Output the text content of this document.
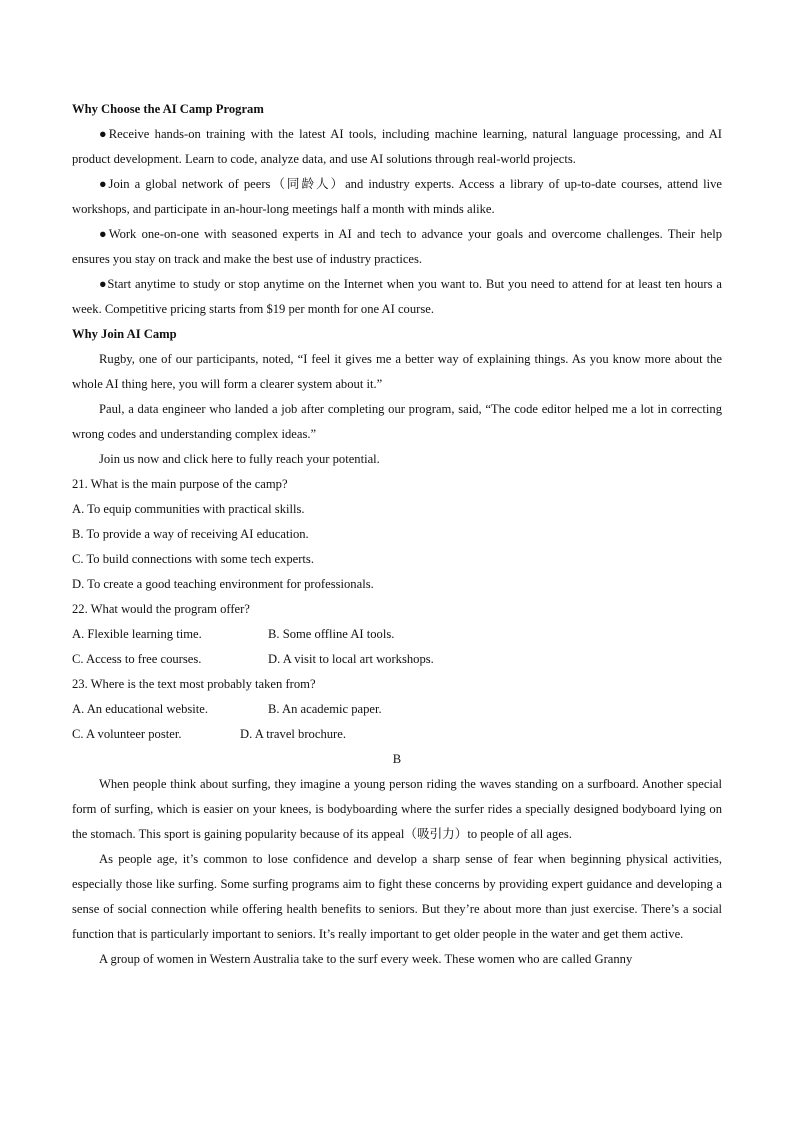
Why Choose the AI Camp Program

●Receive hands-on training with the latest AI tools, including machine learning, natural language processing, and AI product development. Learn to code, analyze data, and use AI solutions through real-world projects.

●Join a global network of peers（同龄人）and industry experts. Access a library of up-to-date courses, attend live workshops, and participate in an-hour-long meetings half a month with minds alike.

●Work one-on-one with seasoned experts in AI and tech to advance your goals and overcome challenges. Their help ensures you stay on track and make the best use of industry practices.

●Start anytime to study or stop anytime on the Internet when you want to. But you need to attend for at least ten hours a week. Competitive pricing starts from $19 per month for one AI course.

Why Join AI Camp

Rugby, one of our participants, noted, “I feel it gives me a better way of explaining things. As you know more about the whole AI thing here, you will form a clearer system about it.”

Paul, a data engineer who landed a job after completing our program, said, “The code editor helped me a lot in correcting wrong codes and understanding complex ideas.”

Join us now and click here to fully reach your potential.

21. What is the main purpose of the camp?

A. To equip communities with practical skills.

B. To provide a way of receiving AI education.

C. To build connections with some tech experts.

D. To create a good teaching environment for professionals.

22. What would the program offer?

A. Flexible learning time.	B. Some offline AI tools.

C. Access to free courses.	D. A visit to local art workshops.

23. Where is the text most probably taken from?

A. An educational website.	B. An academic paper.

C. A volunteer poster.	D. A travel brochure.

B

When people think about surfing, they imagine a young person riding the waves standing on a surfboard. Another special form of surfing, which is easier on your knees, is bodyboarding where the surfer rides a specially designed bodyboard lying on the stomach. This sport is gaining popularity because of its appeal（吸引力）to people of all ages.

As people age, it’s common to lose confidence and develop a sharp sense of fear when beginning physical activities, especially those like surfing. Some surfing programs aim to fight these concerns by providing expert guidance and developing a sense of social connection while offering health benefits to seniors. But they’re about more than just exercise. There’s a social function that is particularly important to seniors. It’s really important to get older people in the water and get them active.

A group of women in Western Australia take to the surf every week. These women who are called Granny
